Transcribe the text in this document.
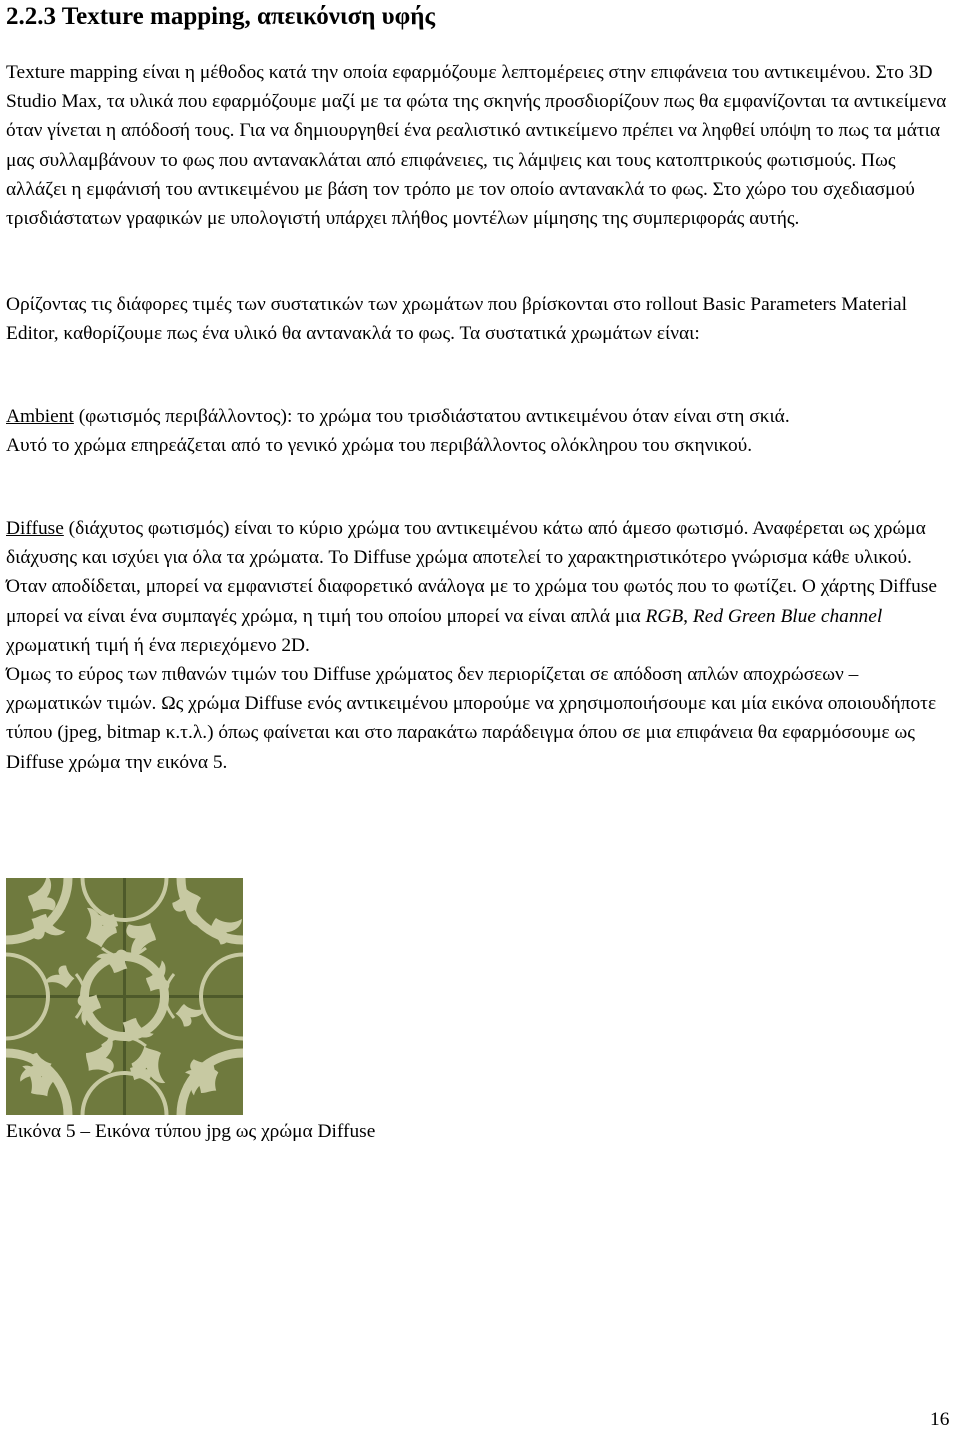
2.2.3 Texture mapping, απεικόνιση υφής

Texture mapping είναι η μέθοδος κατά την οποία εφαρμόζουμε λεπτομέρειες στην επιφάνεια του αντικειμένου. Στο 3D Studio Max, τα υλικά που εφαρμόζουμε μαζί με τα φώτα της σκηνής προσδιορίζουν πως θα εμφανίζονται τα αντικείμενα όταν γίνεται η απόδοσή τους. Για να δημιουργηθεί ένα ρεαλιστικό αντικείμενο πρέπει να ληφθεί υπόψη το πως τα μάτια μας συλλαμβάνουν το φως που αντανακλάται από επιφάνειες, τις λάμψεις και τους κατοπτρικούς φωτισμούς. Πως αλλάζει η εμφάνισή του αντικειμένου με βάση τον τρόπο με τον οποίο αντανακλά το φως. Στο χώρο του σχεδιασμού τρισδιάστατων γραφικών με υπολογιστή υπάρχει πλήθος μοντέλων μίμησης της συμπεριφοράς αυτής.

Ορίζοντας τις διάφορες τιμές των συστατικών των χρωμάτων που βρίσκονται στο rollout Basic Parameters Material Editor, καθορίζουμε πως ένα υλικό θα αντανακλά το φως. Τα συστατικά χρωμάτων είναι:

Ambient (φωτισμός περιβάλλοντος): το χρώμα του τρισδιάστατου αντικειμένου όταν είναι στη σκιά.

Αυτό το χρώμα επηρεάζεται από το γενικό χρώμα του περιβάλλοντος ολόκληρου του σκηνικού.

Diffuse (διάχυτος φωτισμός) είναι το κύριο χρώμα του αντικειμένου κάτω από άμεσο φωτισμό. Αναφέρεται ως χρώμα διάχυσης και ισχύει για όλα τα χρώματα. Το Diffuse χρώμα αποτελεί το χαρακτηριστικότερο γνώρισμα κάθε υλικού. Όταν αποδίδεται, μπορεί να εμφανιστεί διαφορετικό ανάλογα με το χρώμα του φωτός που το φωτίζει. Ο χάρτης Diffuse μπορεί να είναι ένα συμπαγές χρώμα, η τιμή του οποίου μπορεί να είναι απλά μια RGB, Red Green Blue channel χρωματική τιμή ή ένα περιεχόμενο 2D.

Όμως το εύρος των πιθανών τιμών του Diffuse χρώματος δεν περιορίζεται σε απόδοση απλών αποχρώσεων – χρωματικών τιμών. Ως χρώμα Diffuse ενός αντικειμένου μπορούμε να χρησιμοποιήσουμε και μία εικόνα οποιουδήποτε τύπου (jpeg, bitmap κ.τ.λ.) όπως φαίνεται και στο παρακάτω παράδειγμα όπου σε μια επιφάνεια θα εφαρμόσουμε ως Diffuse χρώμα την εικόνα 5.

Εικόνα 5 – Εικόνα τύπου jpg ως χρώμα Diffuse

16
